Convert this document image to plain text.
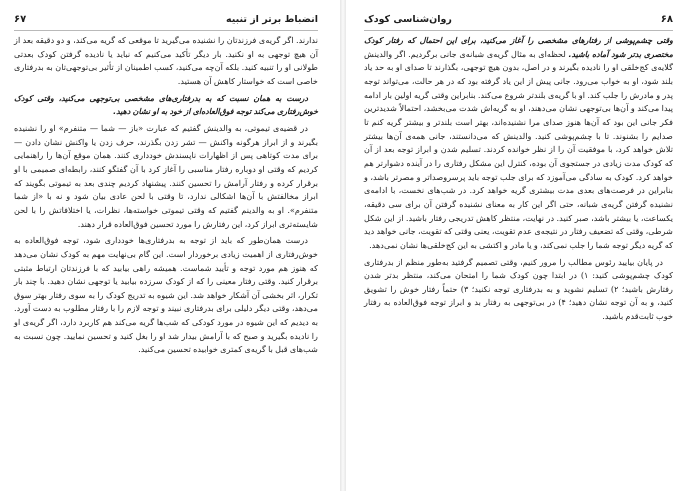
انضباط برتر از تنبیه
۶۷

ندارند. اگر گریه‌ی فرزندتان را نشنیده می‌گیرید تا موقعی که گریه می‌کند، و دو دقیقه بعد از آن هیچ توجهی به او نکنید. بار دیگر تأکید می‌کنیم که نباید یا نادیده گرفتن کودک بعدتی طولانی او را تنبیه کنید. بلکه آن‌چه می‌کنید، کسب اطمینان از تأثیر بی‌توجهی‌تان به بدرفتاری خاصی است که خواستار کاهش آن هستید.

درست به همان نسبت که به بدرفتاری‌های مشخصی بی‌توجهی می‌کنید، وقتی کودک خوش‌رفتاری می‌کند توجه فوق‌العاده‌ای از خود به او نشان دهید.

در قضیه‌ی تیموتی، به والدینش گفتیم که عبارت «باز — شما — متنفرم» او را نشنیده بگیرند و از ابراز هرگونه واکنش — تشر زدن بگذرند، حرف زدن یا واکنش نشان دادن — برای مدت کوتاهی پس از اظهارات ناپسندش خودداری کنند. همان موقع آن‌ها را راهنمایی کردیم که وقتی او دوباره رفتار مناسبی را آغاز کرد با آن گفتگو کنند، رابطه‌ای صمیمی با او برقرار کرده و رفتار آرامش را تحسین کنند. پیشنهاد کردیم چندی بعد به تیموتی بگویند که ابراز مخالفتش با آن‌ها اشکالی ندارد، تا وقتی با لحن عادی بیان شود و نه با «از شما متنفرم». او به والدینم گفتیم که وقتی تیموتی خواسته‌ها، نظرات، یا اختلافاتش را با لحن شایسته‌تری ابراز کرد، این رفتارش را مورد تحسین فوق‌العاده قرار دهند.

درست همان‌طور که باید از توجه به بدرفتاری‌ها خودداری شود، توجه فوق‌العاده به خوش‌رفتاری از اهمیت زیادی برخوردار است. این گام بی‌نهایت مهم به کودک نشان می‌دهد که هنوز هم مورد توجه و تأیید شماست. همیشه راهی بیابید که با فرزندتان ارتباط مثبتی برقرار کنید. وقتی رفتار معینی را که از کودک سرزده بیابید یا توجهی نشان دهید. با چند بار تکرار، اثر بخشی آن آشکار خواهد شد. این شیوه به تدریج کودک را به سوی رفتار بهتر سوق می‌دهد، وقتی دیگر دلیلی برای بدرفتاری نبیند و توجه لازم را با رفتار مطلوب به دست آورد. به دیدیم که این شیوه در مورد کودکی که شب‌ها گریه می‌کند هم کاربرد دارد، اگر گریه‌ی او را نادیده بگیرید و صبح که با آرامش بیدار شد او را بغل کنید و تحسین نمایید. چون نسبت به شب‌های قبل با گریه‌ی کمتری خوابیده تحسین می‌کنید.

۶۸
روان‌شناسی کودک

وقتی چشم‌پوشی از رفتارهای مشخصی را آغاز می‌کنید، برای این احتمال که رفتار کودک مختصری بدتر شود آماده باشید. لحظه‌ای به مثال گریه‌ی شبانه‌ی جانی برگردیم. اگر والدینش گلایه‌ی کج‌خلقی او را نادیده بگیرند و در اصل، بدون هیچ توجهی، بگذارند تا صدای او به حد یاد بلند شود، او به خواب می‌رود. جانی پیش از این یاد گرفته بود که در هر حالت، می‌تواند توجه پدر و مادرش را جلب کند. او با گریه‌ی بلندتر شروع می‌کند. بنابراین وقتی گریه اولین بار ادامه پیدا می‌کند و آن‌ها بی‌توجهی نشان می‌دهند، او به گریه‌اش شدت می‌بخشد، احتمالاً شدیدترین فکر جانی این بود که آن‌ها هنوز صدای مرا نشنیده‌اند، بهتر است بلندتر و بیشتر گریه کنم تا صدایم را بشنوند. تا با چشم‌پوشی کنید. والدینش که می‌دانستند، جانی همه‌ی آن‌ها بیشتر تلاش خواهد کرد، با موفقیت آن را از نظر خوانده کردند. تسلیم شدن و ابراز توجه بعد از آن که کودک مدت زیادی در جستجوی آن بوده، کنترل این مشکل رفتاری را در آینده دشوارتر هم خواهد کرد. کودک به سادگی می‌آموزد که برای جلب توجه باید پرسروصداتر و مصرتر باشد، و بنابراین در فرصت‌های بعدی مدت بیشتری گریه خواهد کرد. در شب‌های نخست، با ادامه‌ی نشنیده گرفتن گریه‌ی شبانه، حتی اگر این کار به معنای نشنیده گرفتن آن برای سی دقیقه، یکساعت، یا بیشتر باشد، صبر کنید. در نهایت، منتظر کاهش تدریجی رفتار باشید. از این شکل شرطی، وقتی که تضعیف رفتار در نتیجه‌ی عدم تقویت، یعنی وقتی که تقویت، جانی خواهد دید که گریه دیگر توجه شما را جلب نمی‌کند، و یا مادر و اکتشی به این کج‌خلقی‌ها نشان نمی‌دهد.

در پایان بیایید رئوس مطالب را مرور کنیم، وقتی تصمیم گرفتید به‌طور منظم از بدرفتاری کودک چشم‌پوشی کنید: ۱) در ابتدا چون کودک شما را امتحان می‌کند، منتظر بدتر شدن رفتارش باشید؛ ۲) تسلیم نشوید و به بدرفتاری توجه نکنید؛ ۳) حتماً رفتار خوش را تشویق کنید، و به آن توجه نشان دهید؛ ۴) در بی‌توجهی به رفتار بد و ابراز توجه فوق‌العاده به رفتار خوب ثابت‌قدم باشید.
